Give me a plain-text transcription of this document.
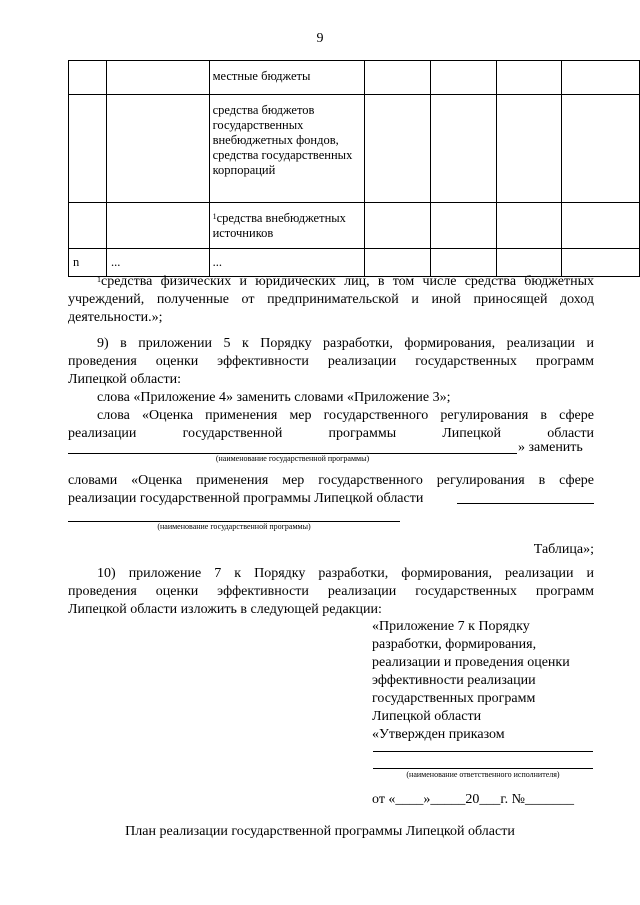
9
		местные бюджеты				
		средства бюджетов государственных внебюджетных фондов, средства государственных корпораций				
		$^1$средства внебюджетных источников				
n	...	...				
$^1$средства физических и юридических лиц, в том числе средства бюджетных
учреждений, полученные от предпринимательской и иной приносящей доход
деятельности.»;
9) в приложении 5 к Порядку разработки, формирования, реализации и
проведения оценки эффективности реализации государственных программ
Липецкой области:
слова «Приложение 4» заменить словами «Приложение 3»;
слова «Оценка применения мер государственного регулирования в сфере
реализации государственной программы Липецкой области
» заменить
(наименование государственной программы)
словами «Оценка применения мер государственного регулирования в сфере
реализации государственной программы Липецкой области
(наименование государственной программы)
Таблица»;
10) приложение 7 к Порядку разработки, формирования, реализации и
проведения оценки эффективности реализации государственных программ
Липецкой области изложить в следующей редакции:
«Приложение 7 к Порядку
разработки, формирования,
реализации и проведения оценки
эффективности реализации
государственных программ
Липецкой области
«Утвержден приказом
(наименование ответственного исполнителя)
от «____»_____20___г. №_______
План реализации государственной программы Липецкой области
